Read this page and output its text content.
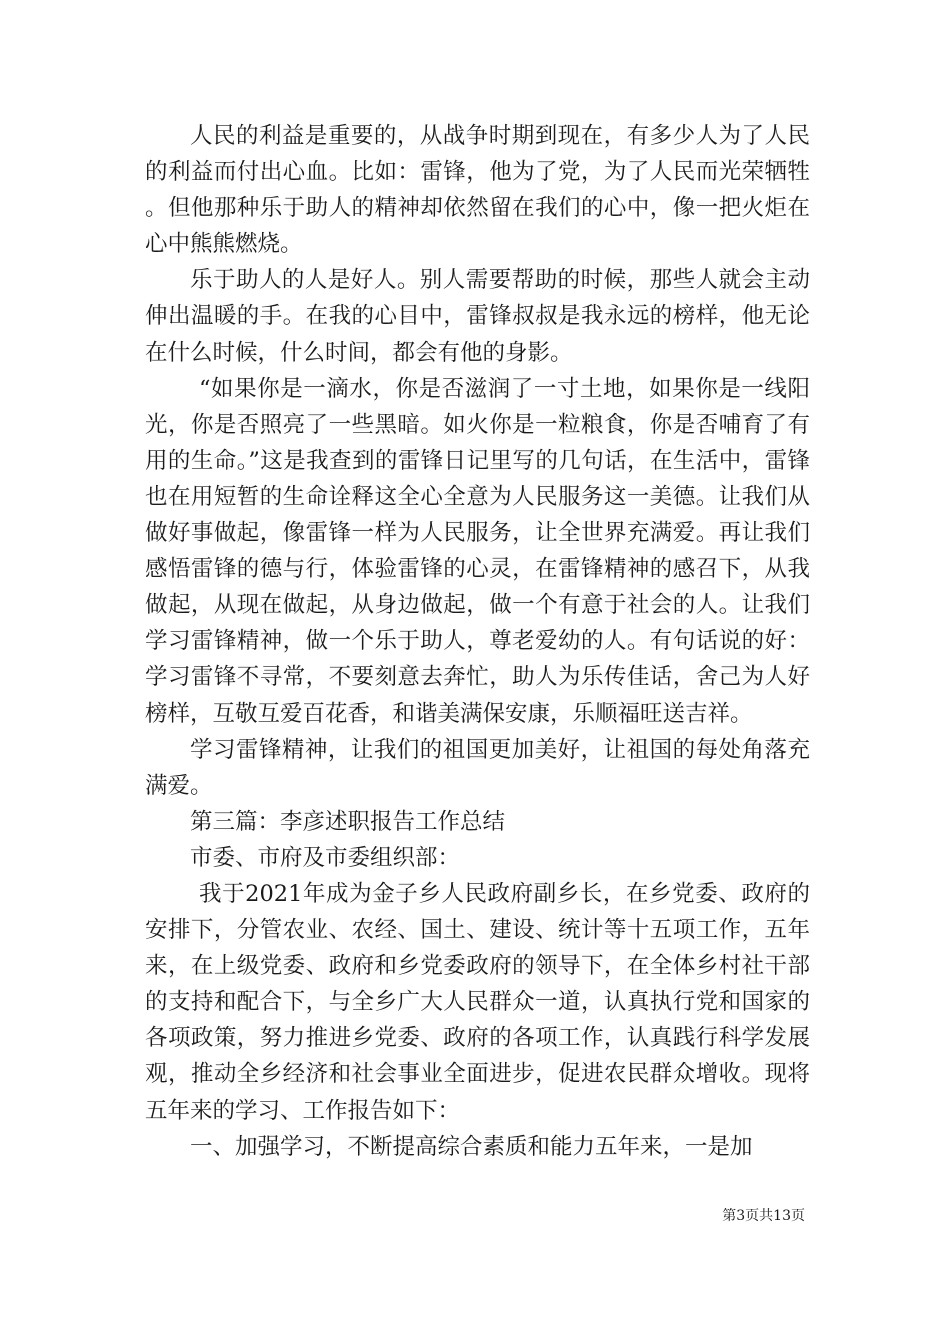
人民的利益是重要的，从战争时期到现在，有多少人为了人民的利益而付出心血。比如：雷锋，他为了党，为了人民而光荣牺牲。但他那种乐于助人的精神却依然留在我们的心中，像一把火炬在心中熊熊燃烧。

乐于助人的人是好人。别人需要帮助的时候，那些人就会主动伸出温暖的手。在我的心目中，雷锋叔叔是我永远的榜样，他无论在什么时候，什么时间，都会有他的身影。

“如果你是一滴水，你是否滋润了一寸土地，如果你是一线阳光，你是否照亮了一些黑暗。如火你是一粒粮食，你是否哺育了有用的生命。”这是我查到的雷锋日记里写的几句话，在生活中，雷锋也在用短暂的生命诠释这全心全意为人民服务这一美德。让我们从做好事做起，像雷锋一样为人民服务，让全世界充满爱。再让我们感悟雷锋的德与行，体验雷锋的心灵，在雷锋精神的感召下，从我做起，从现在做起，从身边做起，做一个有意于社会的人。让我们学习雷锋精神，做一个乐于助人，尊老爱幼的人。有句话说的好：学习雷锋不寻常，不要刻意去奔忙，助人为乐传佳话，舍己为人好榜样，互敬互爱百花香，和谐美满保安康，乐顺福旺送吉祥。

学习雷锋精神，让我们的祖国更加美好，让祖国的每处角落充满爱。

第三篇：李彦述职报告工作总结

市委、市府及市委组织部：

我于2021年成为金子乡人民政府副乡长，在乡党委、政府的安排下，分管农业、农经、国土、建设、统计等十五项工作，五年来，在上级党委、政府和乡党委政府的领导下，在全体乡村社干部的支持和配合下，与全乡广大人民群众一道，认真执行党和国家的各项政策，努力推进乡党委、政府的各项工作，认真践行科学发展观，推动全乡经济和社会事业全面进步，促进农民群众增收。现将五年来的学习、工作报告如下：

一、加强学习，不断提高综合素质和能力五年来，一是加

第3页共13页
